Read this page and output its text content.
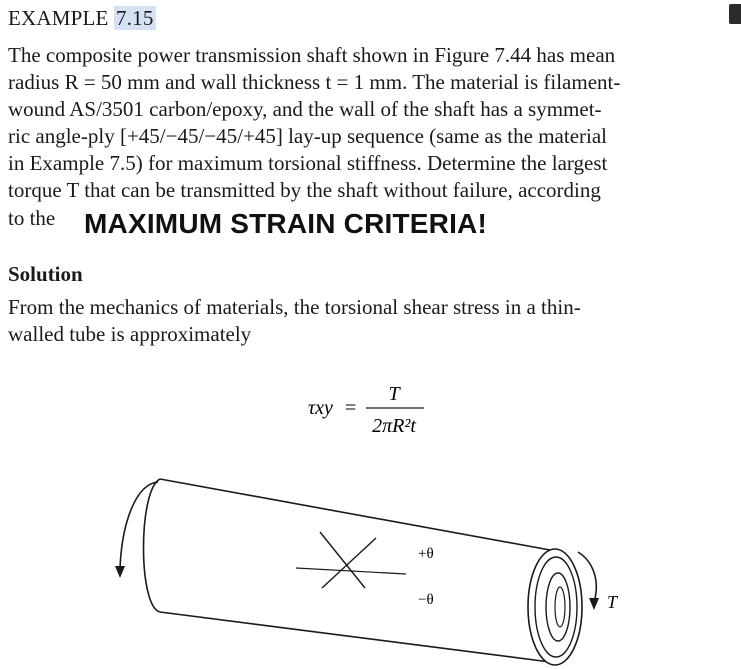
EXAMPLE 7.15
The composite power transmission shaft shown in Figure 7.44 has mean
radius R = 50 mm and wall thickness t = 1 mm. The material is filament-
wound AS/3501 carbon/epoxy, and the wall of the shaft has a symmet-
ric angle-ply [+45/−45/−45/+45] lay-up sequence (same as the material
in Example 7.5) for maximum torsional stiffness. Determine the largest
torque T that can be transmitted by the shaft without failure, according
to the MAXIMUM STRAIN CRITERIA!
Solution
From the mechanics of materials, the torsional shear stress in a thin-
walled tube is approximately
τxy =
T
2πR²t
T
+θ
−θ
